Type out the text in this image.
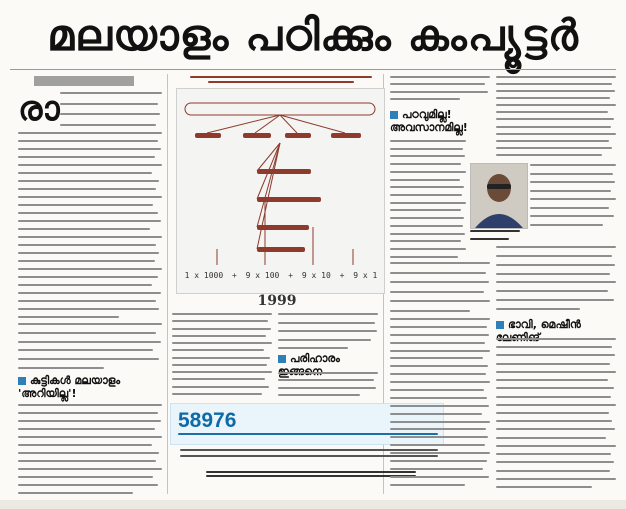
മലയാളം പഠിക്കും കംപ്യൂട്ടർ
രാ
കുട്ടികൾ മലയാളം 'അറിയില്ല'!
1 x 1000 + 9 x 100 + 9 x 10 + 9 x 1
1999
പരിഹാരം
58976
പഠവുമില്ല! അവസാനമില്ല!
ഭാവി, മെഷീൻ
